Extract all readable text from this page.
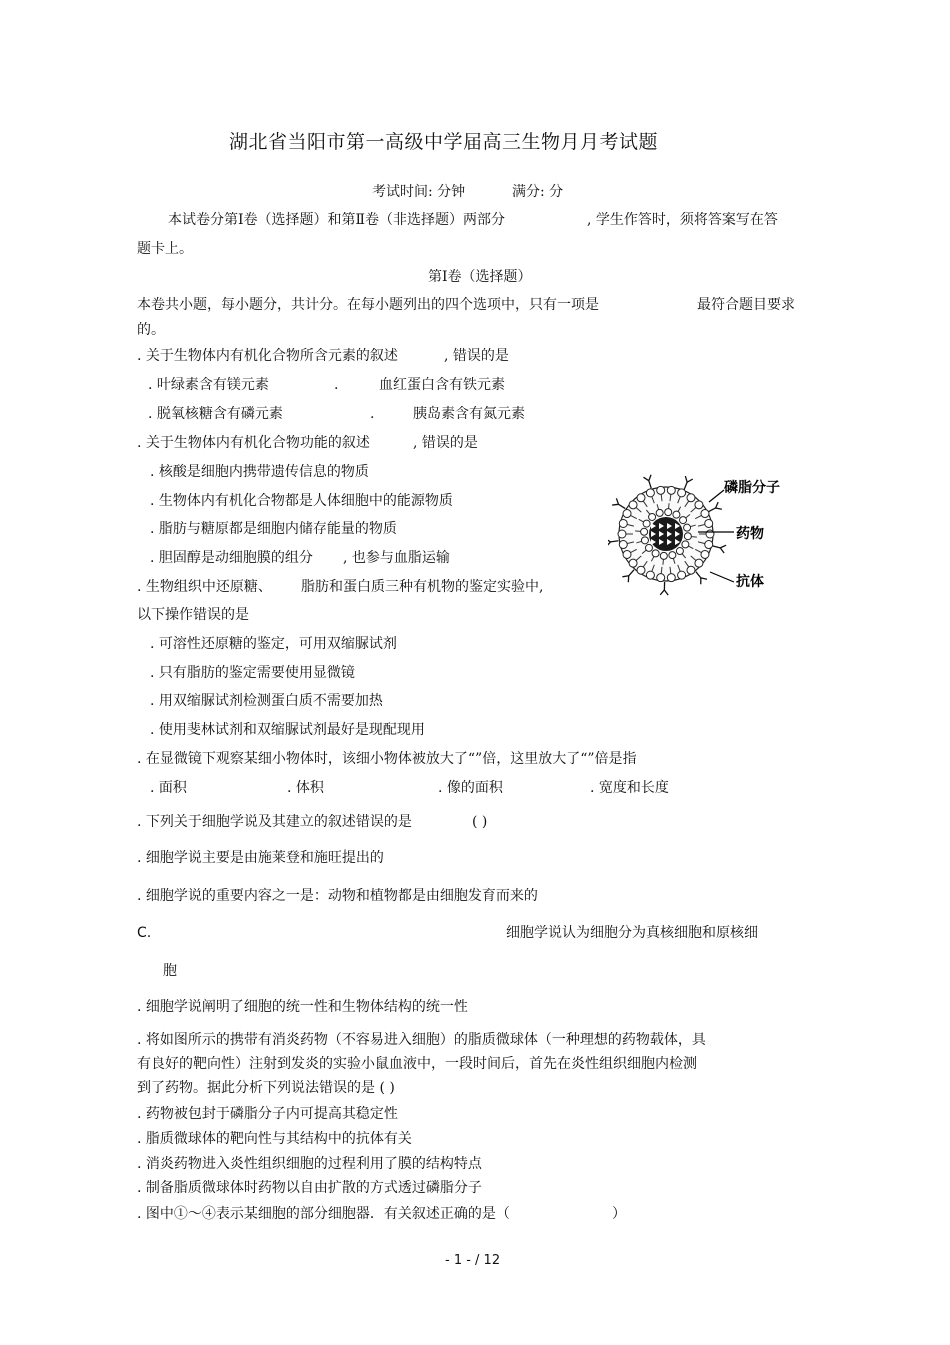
湖北省当阳市第一高级中学届高三生物月月考试题
考试时间: 分钟	满分: 分
本试卷分第Ⅰ卷（选择题）和第Ⅱ卷（非选择题）两部分	, 学生作答时，须将答案写在答
题卡上。
第Ⅰ卷（选择题）
本卷共小题，每小题分，共计分。在每小题列出的四个选项中，只有一项是	最符合题目要求
的。
. 关于生物体内有机化合物所含元素的叙述	, 错误的是
. 叶绿素含有镁元素	.	血红蛋白含有铁元素
. 脱氧核糖含有磷元素	.	胰岛素含有氮元素
. 关于生物体内有机化合物功能的叙述	, 错误的是
. 核酸是细胞内携带遗传信息的物质
. 生物体内有机化合物都是人体细胞中的能源物质
. 脂肪与糖原都是细胞内储存能量的物质
. 胆固醇是动细胞膜的组分 , 也参与血脂运输
磷脂分子
药物
抗体
. 生物组织中还原糖、 脂肪和蛋白质三种有机物的鉴定实验中,
以下操作错误的是
. 可溶性还原糖的鉴定，可用双缩脲试剂
. 只有脂肪的鉴定需要使用显微镜
. 用双缩脲试剂检测蛋白质不需要加热
. 使用斐林试剂和双缩脲试剂最好是现配现用
. 在显微镜下观察某细小物体时，该细小物体被放大了“”倍，这里放大了“”倍是指
. 面积	. 体积	. 像的面积	. 宽度和长度
. 下列关于细胞学说及其建立的叙述错误的是	( )
. 细胞学说主要是由施莱登和施旺提出的
. 细胞学说的重要内容之一是：动物和植物都是由细胞发育而来的
C.	细胞学说认为细胞分为真核细胞和原核细
胞
. 细胞学说阐明了细胞的统一性和生物体结构的统一性
. 将如图所示的携带有消炎药物（不容易进入细胞）的脂质微球体（一种理想的药物载体，具
有良好的靶向性）注射到发炎的实验小鼠血液中，一段时间后，首先在炎性组织细胞内检测
到了药物。据此分析下列说法错误的是 ( )
. 药物被包封于磷脂分子内可提高其稳定性
. 脂质微球体的靶向性与其结构中的抗体有关
. 消炎药物进入炎性组织细胞的过程利用了膜的结构特点
. 制备脂质微球体时药物以自由扩散的方式透过磷脂分子
. 图中①～④表示某细胞的部分细胞器．有关叙述正确的是（	）
- 1 - / 12
